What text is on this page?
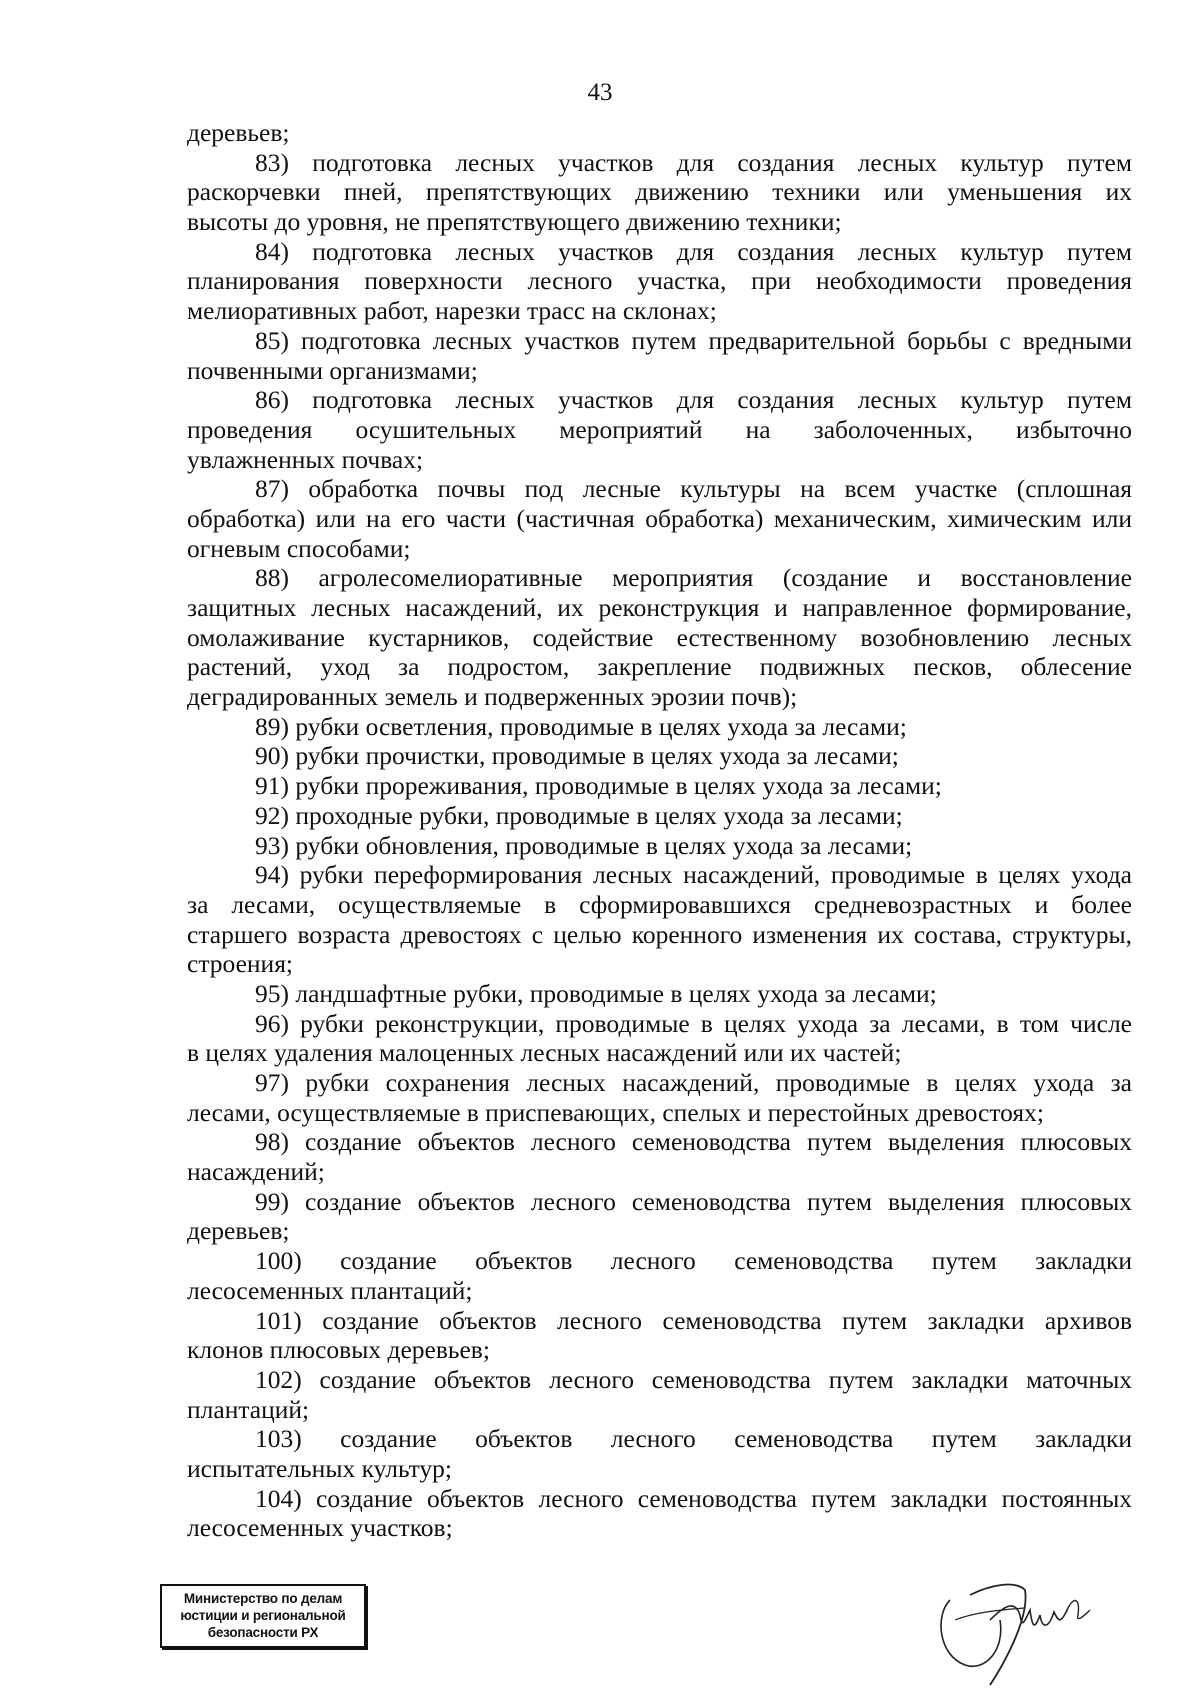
43
деревьев;
83) подготовка лесных участков для создания лесных культур путем
раскорчевки пней, препятствующих движению техники или уменьшения их
высоты до уровня, не препятствующего движению техники;
84) подготовка лесных участков для создания лесных культур путем
планирования поверхности лесного участка, при необходимости проведения
мелиоративных работ, нарезки трасс на склонах;
85) подготовка лесных участков путем предварительной борьбы с вредными
почвенными организмами;
86) подготовка лесных участков для создания лесных культур путем
проведения осушительных мероприятий на заболоченных, избыточно
увлажненных почвах;
87) обработка почвы под лесные культуры на всем участке (сплошная
обработка) или на его части (частичная обработка) механическим, химическим или
огневым способами;
88) агролесомелиоративные мероприятия (создание и восстановление
защитных лесных насаждений, их реконструкция и направленное формирование,
омолаживание кустарников, содействие естественному возобновлению лесных
растений, уход за подростом, закрепление подвижных песков, облесение
деградированных земель и подверженных эрозии почв);
89) рубки осветления, проводимые в целях ухода за лесами;
90) рубки прочистки, проводимые в целях ухода за лесами;
91) рубки прореживания, проводимые в целях ухода за лесами;
92) проходные рубки, проводимые в целях ухода за лесами;
93) рубки обновления, проводимые в целях ухода за лесами;
94) рубки переформирования лесных насаждений, проводимые в целях ухода
за лесами, осуществляемые в сформировавшихся средневозрастных и более
старшего возраста древостоях с целью коренного изменения их состава, структуры,
строения;
95) ландшафтные рубки, проводимые в целях ухода за лесами;
96) рубки реконструкции, проводимые в целях ухода за лесами, в том числе
в целях удаления малоценных лесных насаждений или их частей;
97) рубки сохранения лесных насаждений, проводимые в целях ухода за
лесами, осуществляемые в приспевающих, спелых и перестойных древостоях;
98) создание объектов лесного семеноводства путем выделения плюсовых
насаждений;
99) создание объектов лесного семеноводства путем выделения плюсовых
деревьев;
100) создание объектов лесного семеноводства путем закладки
лесосеменных плантаций;
101) создание объектов лесного семеноводства путем закладки архивов
клонов плюсовых деревьев;
102) создание объектов лесного семеноводства путем закладки маточных
плантаций;
103) создание объектов лесного семеноводства путем закладки
испытательных культур;
104) создание объектов лесного семеноводства путем закладки постоянных
лесосеменных участков;
Министерство по делам
юстиции и региональной
безопасности РХ
